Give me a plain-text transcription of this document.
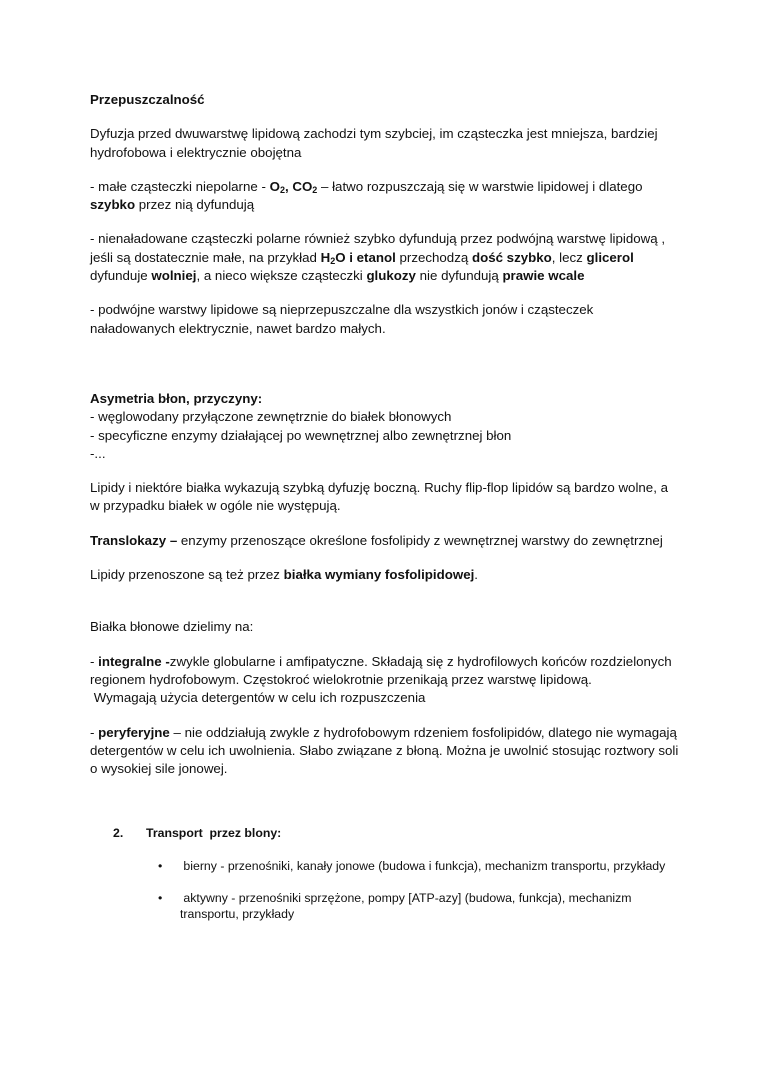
Przepuszczalność

Dyfuzja przed dwuwarstwę lipidową zachodzi tym szybciej, im cząsteczka jest mniejsza, bardziej hydrofobowa i elektrycznie obojętna

- małe cząsteczki niepolarne - $O_2$, $CO_2$ – łatwo rozpuszczają się w warstwie lipidowej i dlatego szybko przez nią dyfundują

- nienaładowane cząsteczki polarne również szybko dyfundują przez podwójną warstwę lipidową , jeśli są dostatecznie małe, na przykład $H_2O$ i etanol przechodzą dość szybko, lecz glicerol dyfunduje wolniej, a nieco większe cząsteczki glukozy nie dyfundują prawie wcale

- podwójne warstwy lipidowe są nieprzepuszczalne dla wszystkich jonów i cząsteczek naładowanych elektrycznie, nawet bardzo małych.

Asymetria błon, przyczyny:

- węglowodany przyłączone zewnętrznie do białek błonowych

- specyficzne enzymy działającej po wewnętrznej albo zewnętrznej błon

-...

Lipidy i niektóre białka wykazują szybką dyfuzję boczną. Ruchy flip-flop lipidów są bardzo wolne, a w przypadku białek w ogóle nie występują.

Translokazy – enzymy przenoszące określone fosfolipidy z wewnętrznej warstwy do zewnętrznej

Lipidy przenoszone są też przez białka wymiany fosfolipidowej.

Białka błonowe dzielimy na:

- integralne -zwykle globularne i amfipatyczne. Składają się z hydrofilowych końców rozdzielonych regionem hydrofobowym. Częstokroć wielokrotnie przenikają przez warstwę lipidową.

Wymagają użycia detergentów w celu ich rozpuszczenia

- peryferyjne – nie oddziałują zwykle z hydrofobowym rdzeniem fosfolipidów, dlatego nie wymagają detergentów w celu ich uwolnienia. Słabo związane z błoną. Można je uwolnić stosując roztwory soli o wysokiej sile jonowej.

2. Transport  przez blony:

• bierny - przenośniki, kanały jonowe (budowa i funkcja), mechanizm transportu, przykłady

• aktywny - przenośniki sprzężone, pompy [ATP-azy] (budowa, funkcja), mechanizm transportu, przykłady
